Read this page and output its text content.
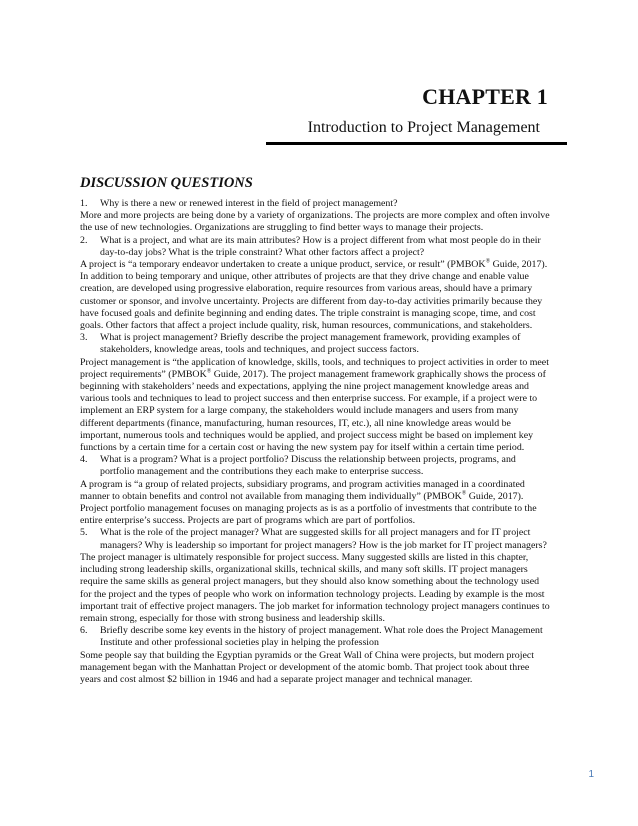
CHAPTER 1
Introduction to Project Management
DISCUSSION QUESTIONS
1.	Why is there a new or renewed interest in the field of project management?

More and more projects are being done by a variety of organizations. The projects are more complex and often involve the use of new technologies. Organizations are struggling to find better ways to manage their projects.

2.	What is a project, and what are its main attributes? How is a project different from what most people do in their day-to-day jobs? What is the triple constraint? What other factors affect a project?

A project is “a temporary endeavor undertaken to create a unique product, service, or result” (PMBOK® Guide, 2017). In addition to being temporary and unique, other attributes of projects are that they drive change and enable value creation, are developed using progressive elaboration, require resources from various areas, should have a primary customer or sponsor, and involve uncertainty. Projects are different from day-to-day activities primarily because they have focused goals and definite beginning and ending dates. The triple constraint is managing scope, time, and cost goals. Other factors that affect a project include quality, risk, human resources, communications, and stakeholders.

3.	What is project management? Briefly describe the project management framework, providing examples of stakeholders, knowledge areas, tools and techniques, and project success factors.

Project management is “the application of knowledge, skills, tools, and techniques to project activities in order to meet project requirements” (PMBOK® Guide, 2017). The project management framework graphically shows the process of beginning with stakeholders’ needs and expectations, applying the nine project management knowledge areas and various tools and techniques to lead to project success and then enterprise success. For example, if a project were to implement an ERP system for a large company, the stakeholders would include managers and users from many different departments (finance, manufacturing, human resources, IT, etc.), all nine knowledge areas would be important, numerous tools and techniques would be applied, and project success might be based on implement key functions by a certain time for a certain cost or having the new system pay for itself within a certain time period.

4.	What is a program? What is a project portfolio? Discuss the relationship between projects, programs, and portfolio management and the contributions they each make to enterprise success.

A program is “a group of related projects, subsidiary programs, and program activities managed in a coordinated manner to obtain benefits and control not available from managing them individually” (PMBOK® Guide, 2017). Project portfolio management focuses on managing projects as is as a portfolio of investments that contribute to the entire enterprise’s success. Projects are part of programs which are part of portfolios.

5.	What is the role of the project manager? What are suggested skills for all project managers and for IT project managers? Why is leadership so important for project managers? How is the job market for IT project managers?

The project manager is ultimately responsible for project success. Many suggested skills are listed in this chapter, including strong leadership skills, organizational skills, technical skills, and many soft skills. IT project managers require the same skills as general project managers, but they should also know something about the technology used for the project and the types of people who work on information technology projects. Leading by example is the most important trait of effective project managers. The job market for information technology project managers continues to remain strong, especially for those with strong business and leadership skills.

6.	Briefly describe some key events in the history of project management. What role does the Project Management Institute and other professional societies play in helping the profession

Some people say that building the Egyptian pyramids or the Great Wall of China were projects, but modern project management began with the Manhattan Project or development of the atomic bomb. That project took about three years and cost almost $2 billion in 1946 and had a separate project manager and technical manager.

1
